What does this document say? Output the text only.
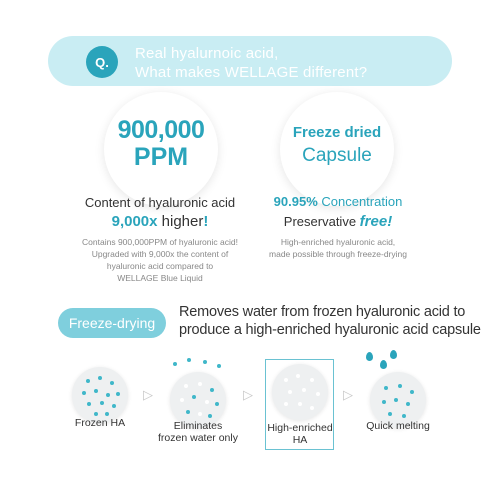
Q.	Real hyalurnoic acid,
What makes WELLAGE different?
900,000
PPM
Freeze dried
Capsule
Content of hyaluronic acid
9,000x higher!
Contains 900,000PPM of hyaluronic acid!
Upgraded with 9,000x the content of
hyaluronic acid compared to
WELLAGE Blue Liquid
90.95% Concentration
Preservative free!
High-enriched hyaluronic acid,
made possible through freeze-drying
Freeze-drying
Removes water from frozen hyaluronic acid to
produce a high-enriched hyaluronic acid capsule
Frozen HA
▷
Eliminates
frozen water only
▷
High-enriched
HA
▷
Quick melting
